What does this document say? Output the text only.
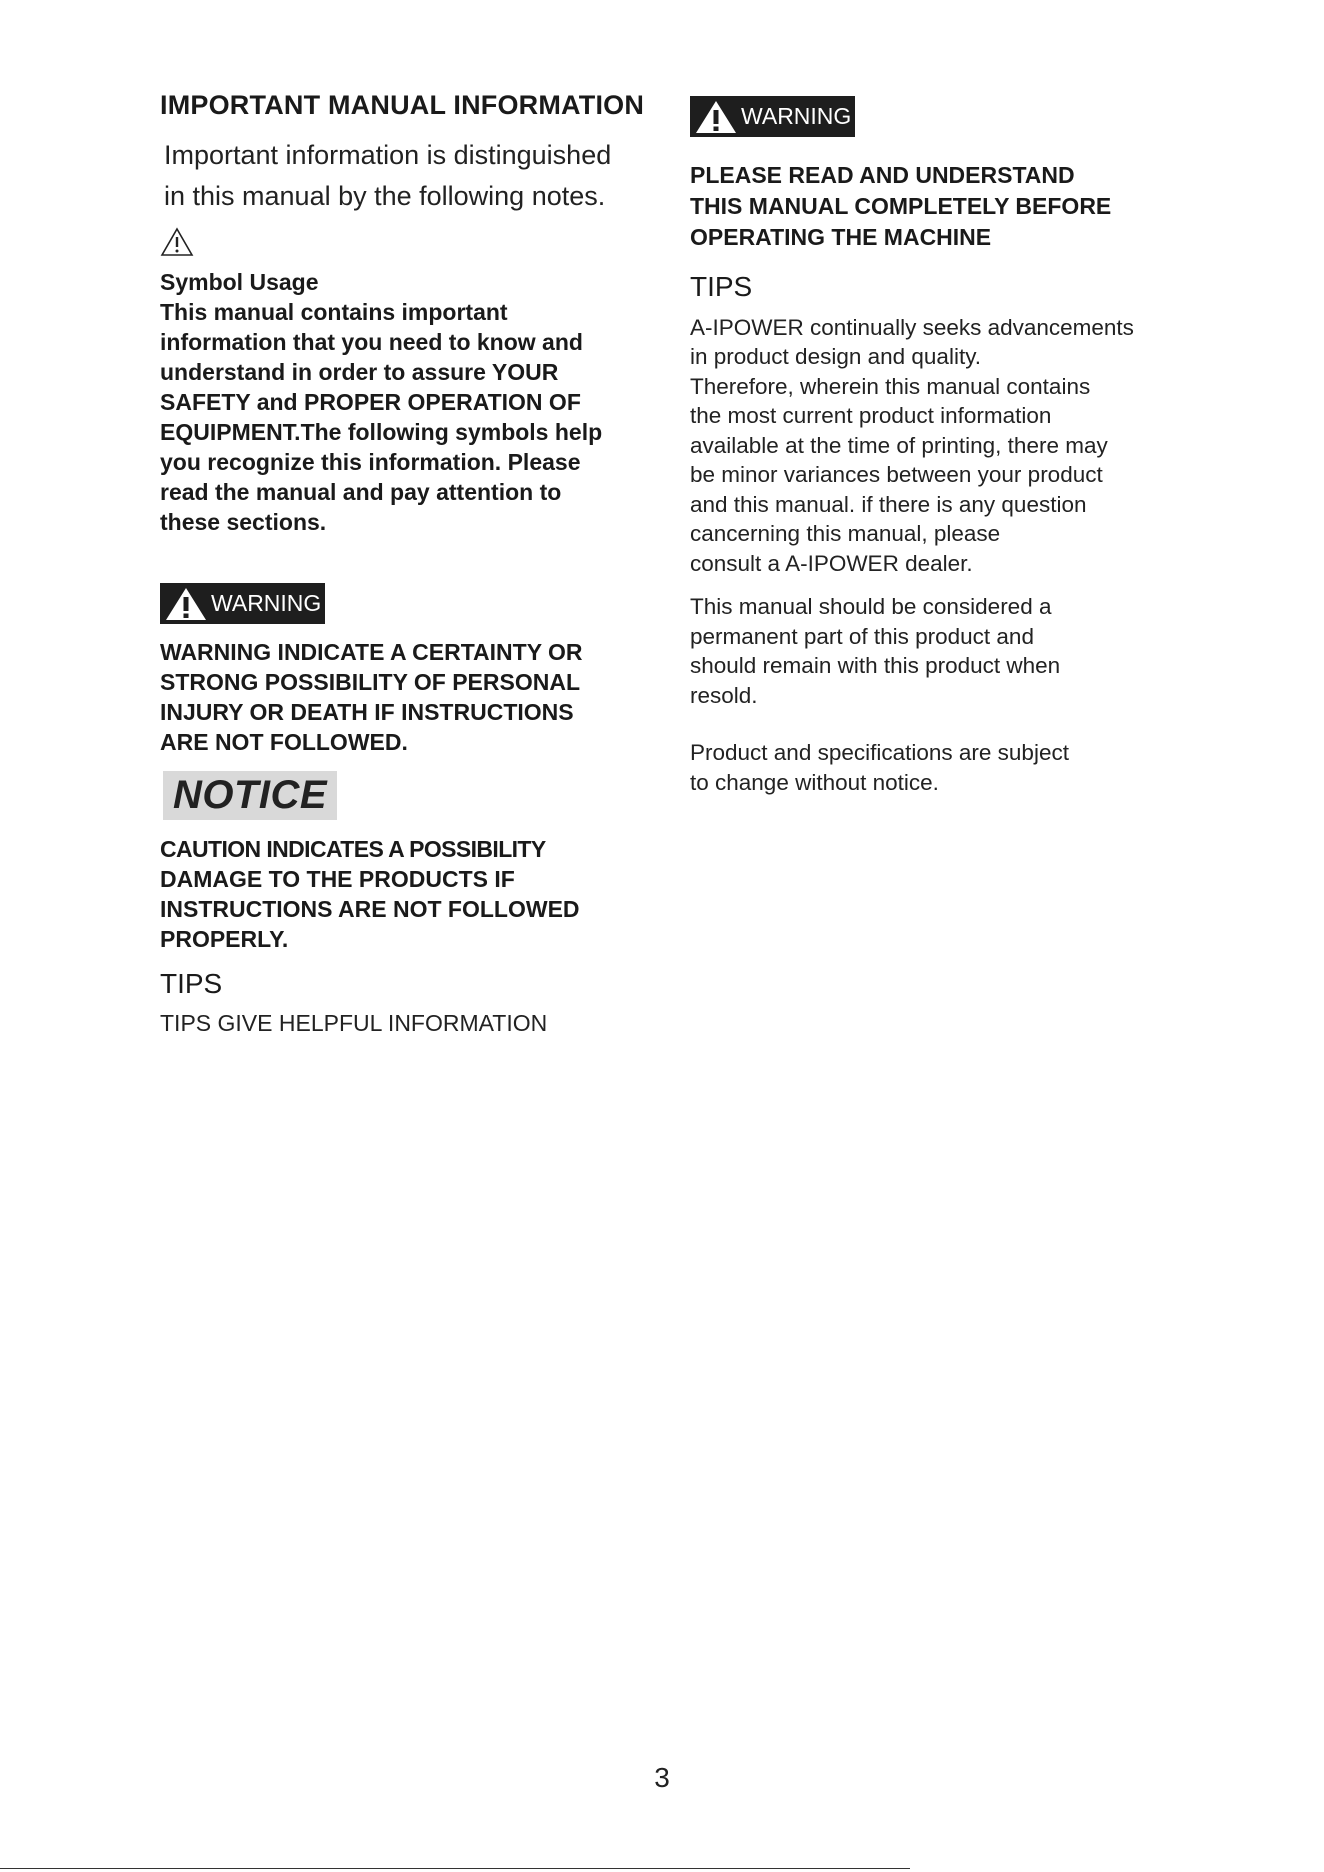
IMPORTANT MANUAL INFORMATION
Important information is distinguished
in this manual by the following notes.

Symbol Usage

This manual contains important

information that you need to know and

understand in order to assure YOUR

SAFETY and PROPER OPERATION OF

EQUIPMENT.The following symbols help

you recognize this information. Please

read the manual and pay attention to

these sections.

WARNING

WARNING INDICATE A CERTAINTY OR

STRONG POSSIBILITY OF PERSONAL

INJURY OR DEATH IF INSTRUCTIONS

ARE NOT FOLLOWED.

NOTICE

CAUTION INDICATES A POSSIBILITY

DAMAGE TO THE PRODUCTS IF

INSTRUCTIONS ARE NOT FOLLOWED

PROPERLY.

TIPS

TIPS GIVE HELPFUL INFORMATION

WARNING

PLEASE READ AND UNDERSTAND

THIS MANUAL COMPLETELY BEFORE

OPERATING THE MACHINE

TIPS

A-IPOWER continually seeks advancements

in product design and quality.

Therefore, wherein this manual contains

the most current product information

available at the time of printing, there may

be minor variances between your product

and this manual. if there is any question

cancerning this manual, please

consult a A-IPOWER dealer.

This manual should be considered a

permanent part of this product and

should remain with this product when

resold.

Product and specifications are subject

to change without notice.

3
